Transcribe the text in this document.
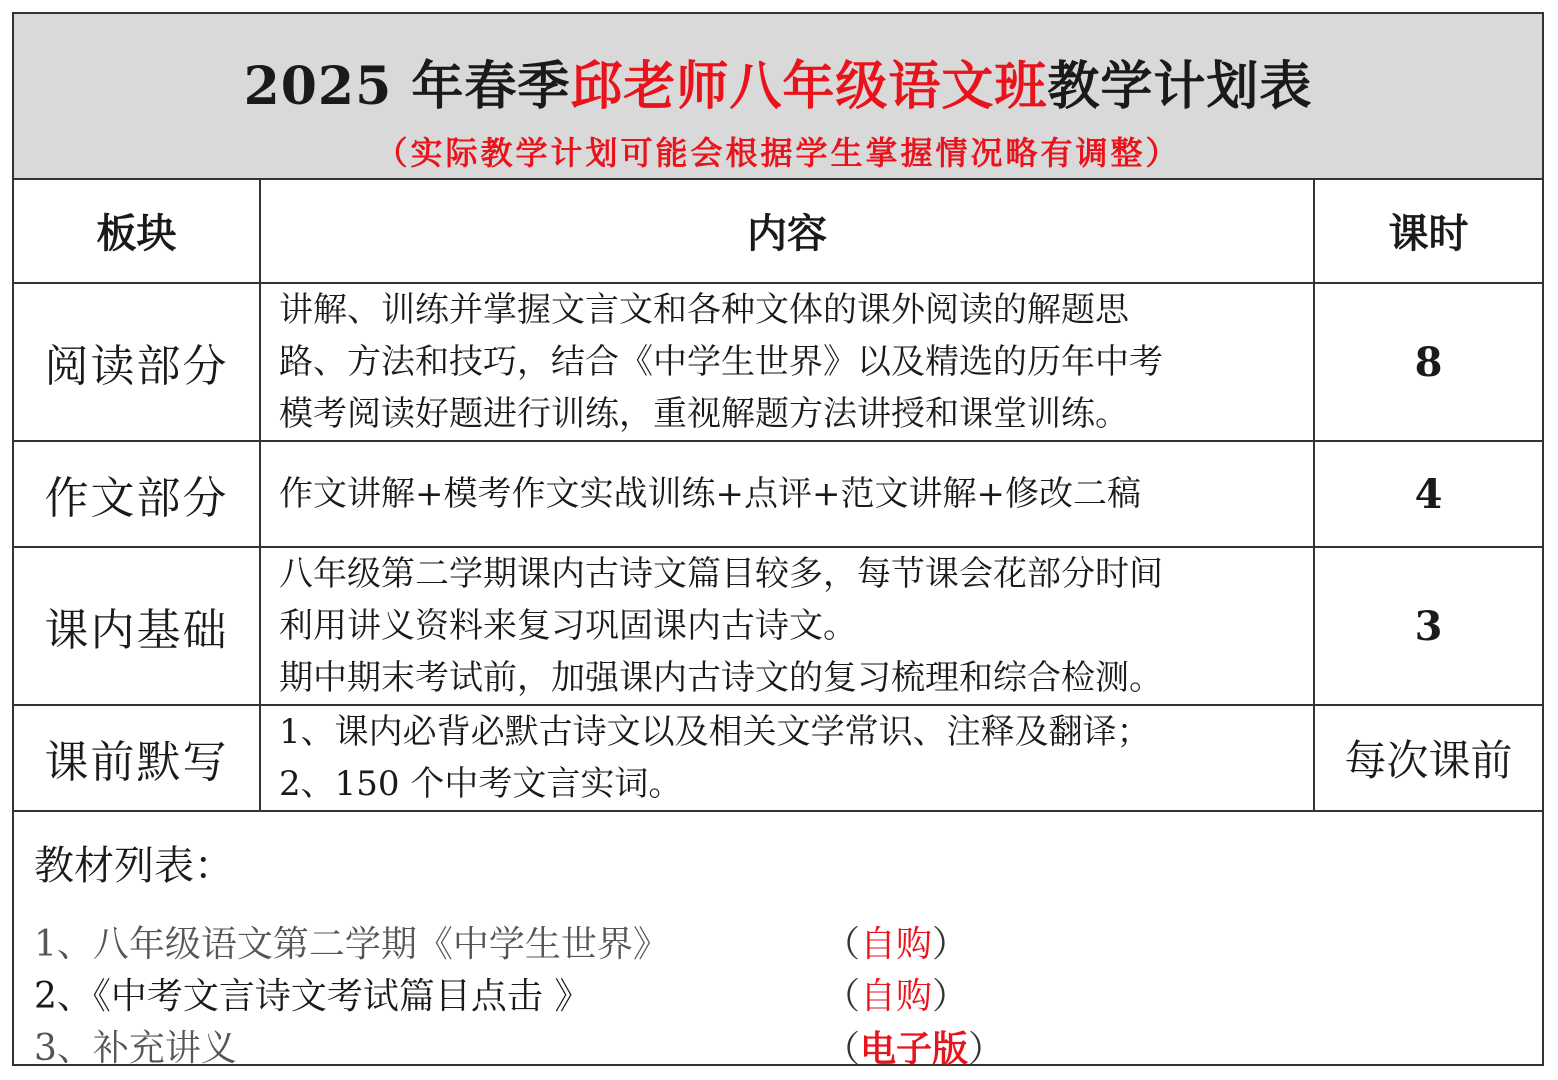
2025 年春季邱老师八年级语文班教学计划表
（实际教学计划可能会根据学生掌握情况略有调整）
板块	内容	课时
阅读部分	讲解、训练并掌握文言文和各种文体的课外阅读的解题思
路、方法和技巧，结合《中学生世界》以及精选的历年中考
模考阅读好题进行训练，重视解题方法讲授和课堂训练。	8
作文部分	作文讲解+模考作文实战训练+点评+范文讲解+修改二稿	4
课内基础	八年级第二学期课内古诗文篇目较多，每节课会花部分时间
利用讲义资料来复习巩固课内古诗文。
期中期末考试前，加强课内古诗文的复习梳理和综合检测。	3
课前默写	1、课内必背必默古诗文以及相关文学常识、注释及翻译；
2、150 个中考文言实词。	每次课前
教材列表：
1、八年级语文第二学期《中学生世界》	（自购）
2、《中考文言诗文考试篇目点击 》	（自购）
3、补充讲义	（电子版）
